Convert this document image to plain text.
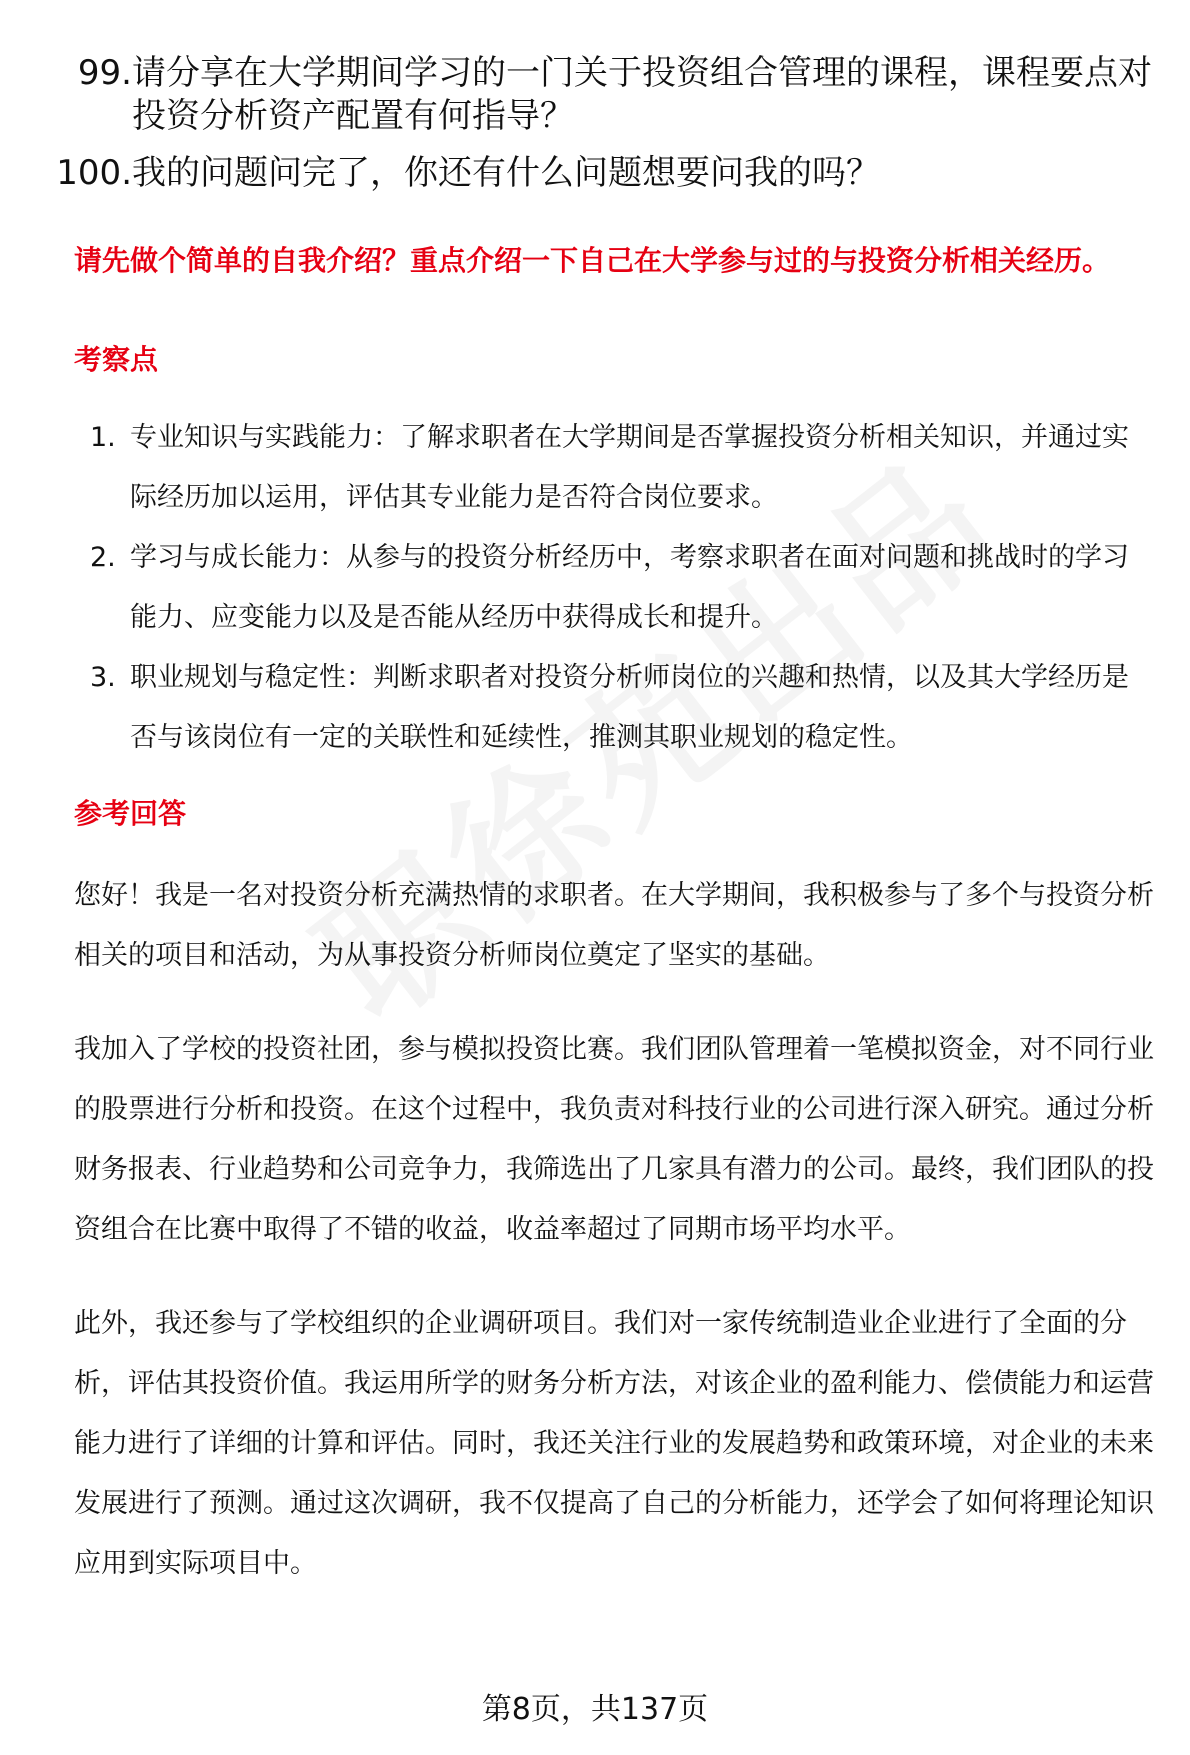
99. 请分享在大学期间学习的一门关于投资组合管理的课程，课程要点对投资分析资产配置有何指导？
100. 我的问题问完了，你还有什么问题想要问我的吗？
请先做个简单的自我介绍？重点介绍一下自己在大学参与过的与投资分析相关经历。
考察点
1. 专业知识与实践能力：了解求职者在大学期间是否掌握投资分析相关知识，并通过实际经历加以运用，评估其专业能力是否符合岗位要求。
2. 学习与成长能力：从参与的投资分析经历中，考察求职者在面对问题和挑战时的学习能力、应变能力以及是否能从经历中获得成长和提升。
3. 职业规划与稳定性：判断求职者对投资分析师岗位的兴趣和热情，以及其大学经历是否与该岗位有一定的关联性和延续性，推测其职业规划的稳定性。
参考回答

您好！我是一名对投资分析充满热情的求职者。在大学期间，我积极参与了多个与投资分析相关的项目和活动，为从事投资分析师岗位奠定了坚实的基础。

我加入了学校的投资社团，参与模拟投资比赛。我们团队管理着一笔模拟资金，对不同行业的股票进行分析和投资。在这个过程中，我负责对科技行业的公司进行深入研究。通过分析财务报表、行业趋势和公司竞争力，我筛选出了几家具有潜力的公司。最终，我们团队的投资组合在比赛中取得了不错的收益，收益率超过了同期市场平均水平。

此外，我还参与了学校组织的企业调研项目。我们对一家传统制造业企业进行了全面的分析，评估其投资价值。我运用所学的财务分析方法，对该企业的盈利能力、偿债能力和运营能力进行了详细的计算和评估。同时，我还关注行业的发展趋势和政策环境，对企业的未来发展进行了预测。通过这次调研，我不仅提高了自己的分析能力，还学会了如何将理论知识应用到实际项目中。

第8页，共137页
